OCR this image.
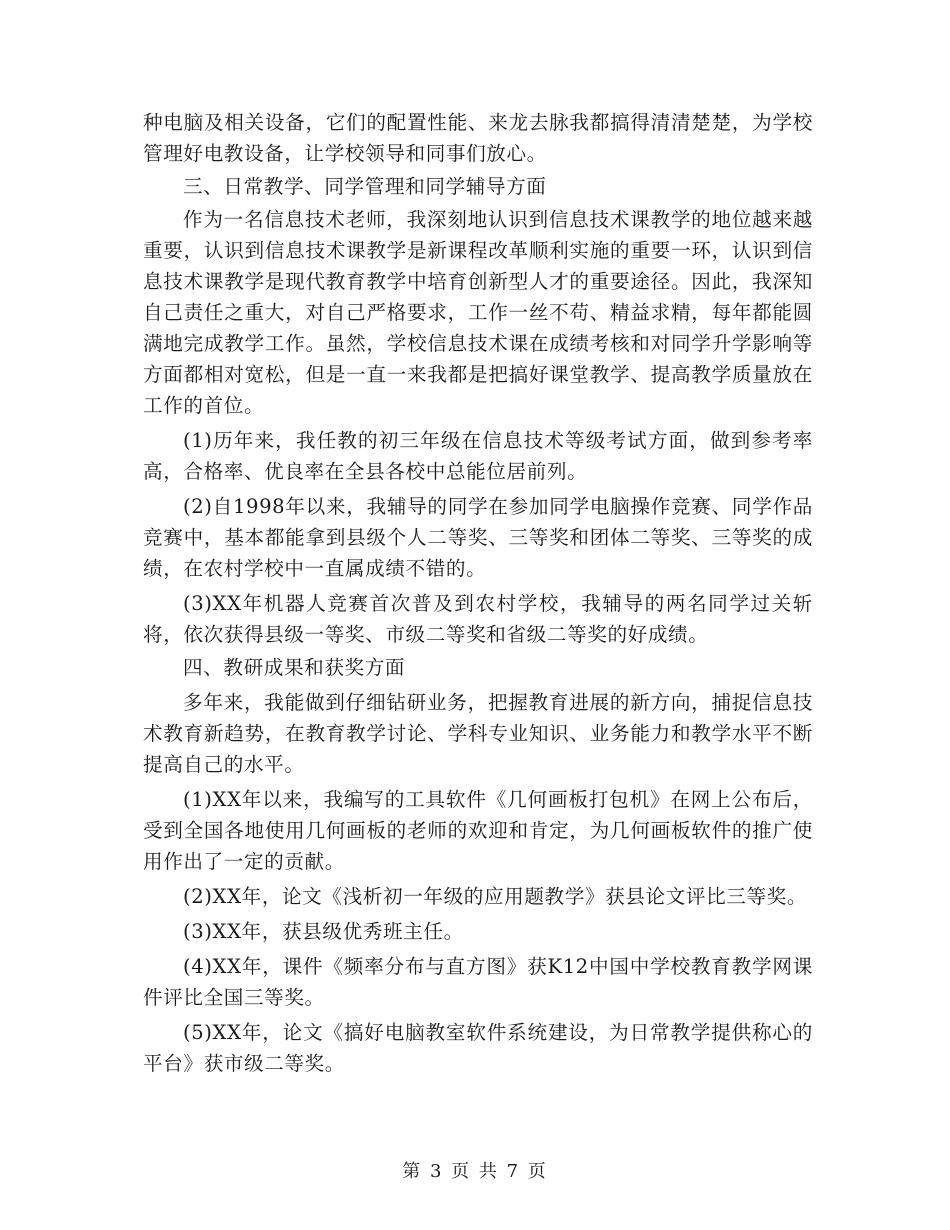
种电脑及相关设备，它们的配置性能、来龙去脉我都搞得清清楚楚，为学校管理好电教设备，让学校领导和同事们放心。

三、日常教学、同学管理和同学辅导方面

作为一名信息技术老师，我深刻地认识到信息技术课教学的地位越来越重要，认识到信息技术课教学是新课程改革顺利实施的重要一环，认识到信息技术课教学是现代教育教学中培育创新型人才的重要途径。因此，我深知自己责任之重大，对自己严格要求，工作一丝不苟、精益求精，每年都能圆满地完成教学工作。虽然，学校信息技术课在成绩考核和对同学升学影响等方面都相对宽松，但是一直一来我都是把搞好课堂教学、提高教学质量放在工作的首位。

(1)历年来，我任教的初三年级在信息技术等级考试方面，做到参考率高，合格率、优良率在全县各校中总能位居前列。

(2)自1998年以来，我辅导的同学在参加同学电脑操作竞赛、同学作品竞赛中，基本都能拿到县级个人二等奖、三等奖和团体二等奖、三等奖的成绩，在农村学校中一直属成绩不错的。

(3)XX年机器人竞赛首次普及到农村学校，我辅导的两名同学过关斩将，依次获得县级一等奖、市级二等奖和省级二等奖的好成绩。

四、教研成果和获奖方面

多年来，我能做到仔细钻研业务，把握教育进展的新方向，捕捉信息技术教育新趋势，在教育教学讨论、学科专业知识、业务能力和教学水平不断提高自己的水平。

(1)XX年以来，我编写的工具软件《几何画板打包机》在网上公布后，受到全国各地使用几何画板的老师的欢迎和肯定，为几何画板软件的推广使用作出了一定的贡献。

(2)XX年，论文《浅析初一年级的应用题教学》获县论文评比三等奖。

(3)XX年，获县级优秀班主任。

(4)XX年，课件《频率分布与直方图》获K12中国中学校教育教学网课件评比全国三等奖。

(5)XX年，论文《搞好电脑教室软件系统建设，为日常教学提供称心的平台》获市级二等奖。

第 3 页 共 7 页
